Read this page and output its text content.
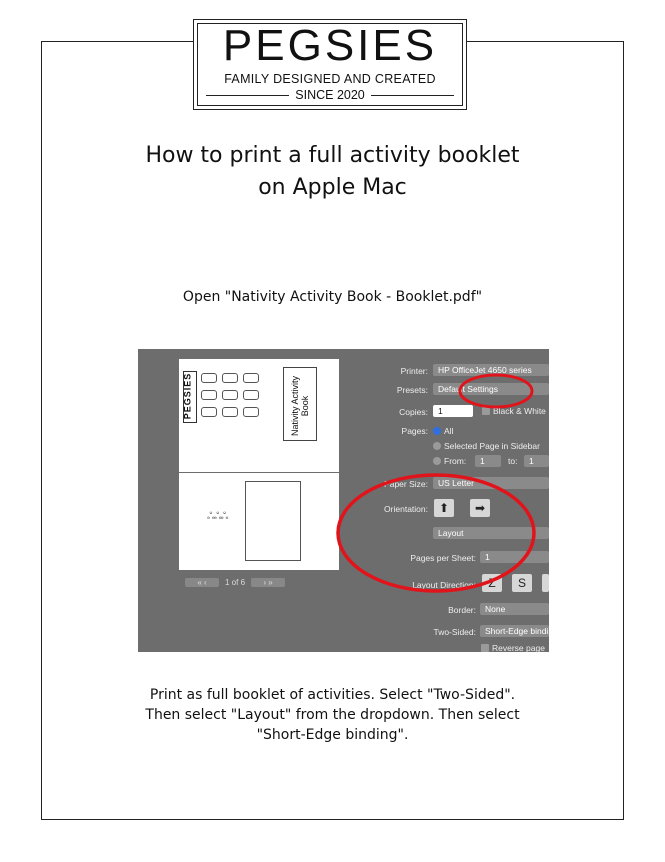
PEGSIES
FAMILY DESIGNED AND CREATED
SINCE 2020
How to print a full activity booklet
on Apple Mac
Open "Nativity Activity Book - Booklet.pdf"
PEGSIES	Nativity Activity Book
ஃஃஃ
« ‹	1 of 6	› »
Printer:	HP OfficeJet 4650 series
Presets:	Default Settings
Copies:	1	Black & White
Pages: All
Selected Page in Sidebar
From:	1	to:	1
Paper Size:	US Letter
Orientation: ⬆	➡
Layout
Pages per Sheet:	1
Layout Direction:	Z	S
Border:	None
Two-Sided:	Short-Edge binding
Reverse page
Print as full booklet of activities. Select "Two-Sided".
Then select "Layout" from the dropdown. Then select
"Short-Edge binding".
